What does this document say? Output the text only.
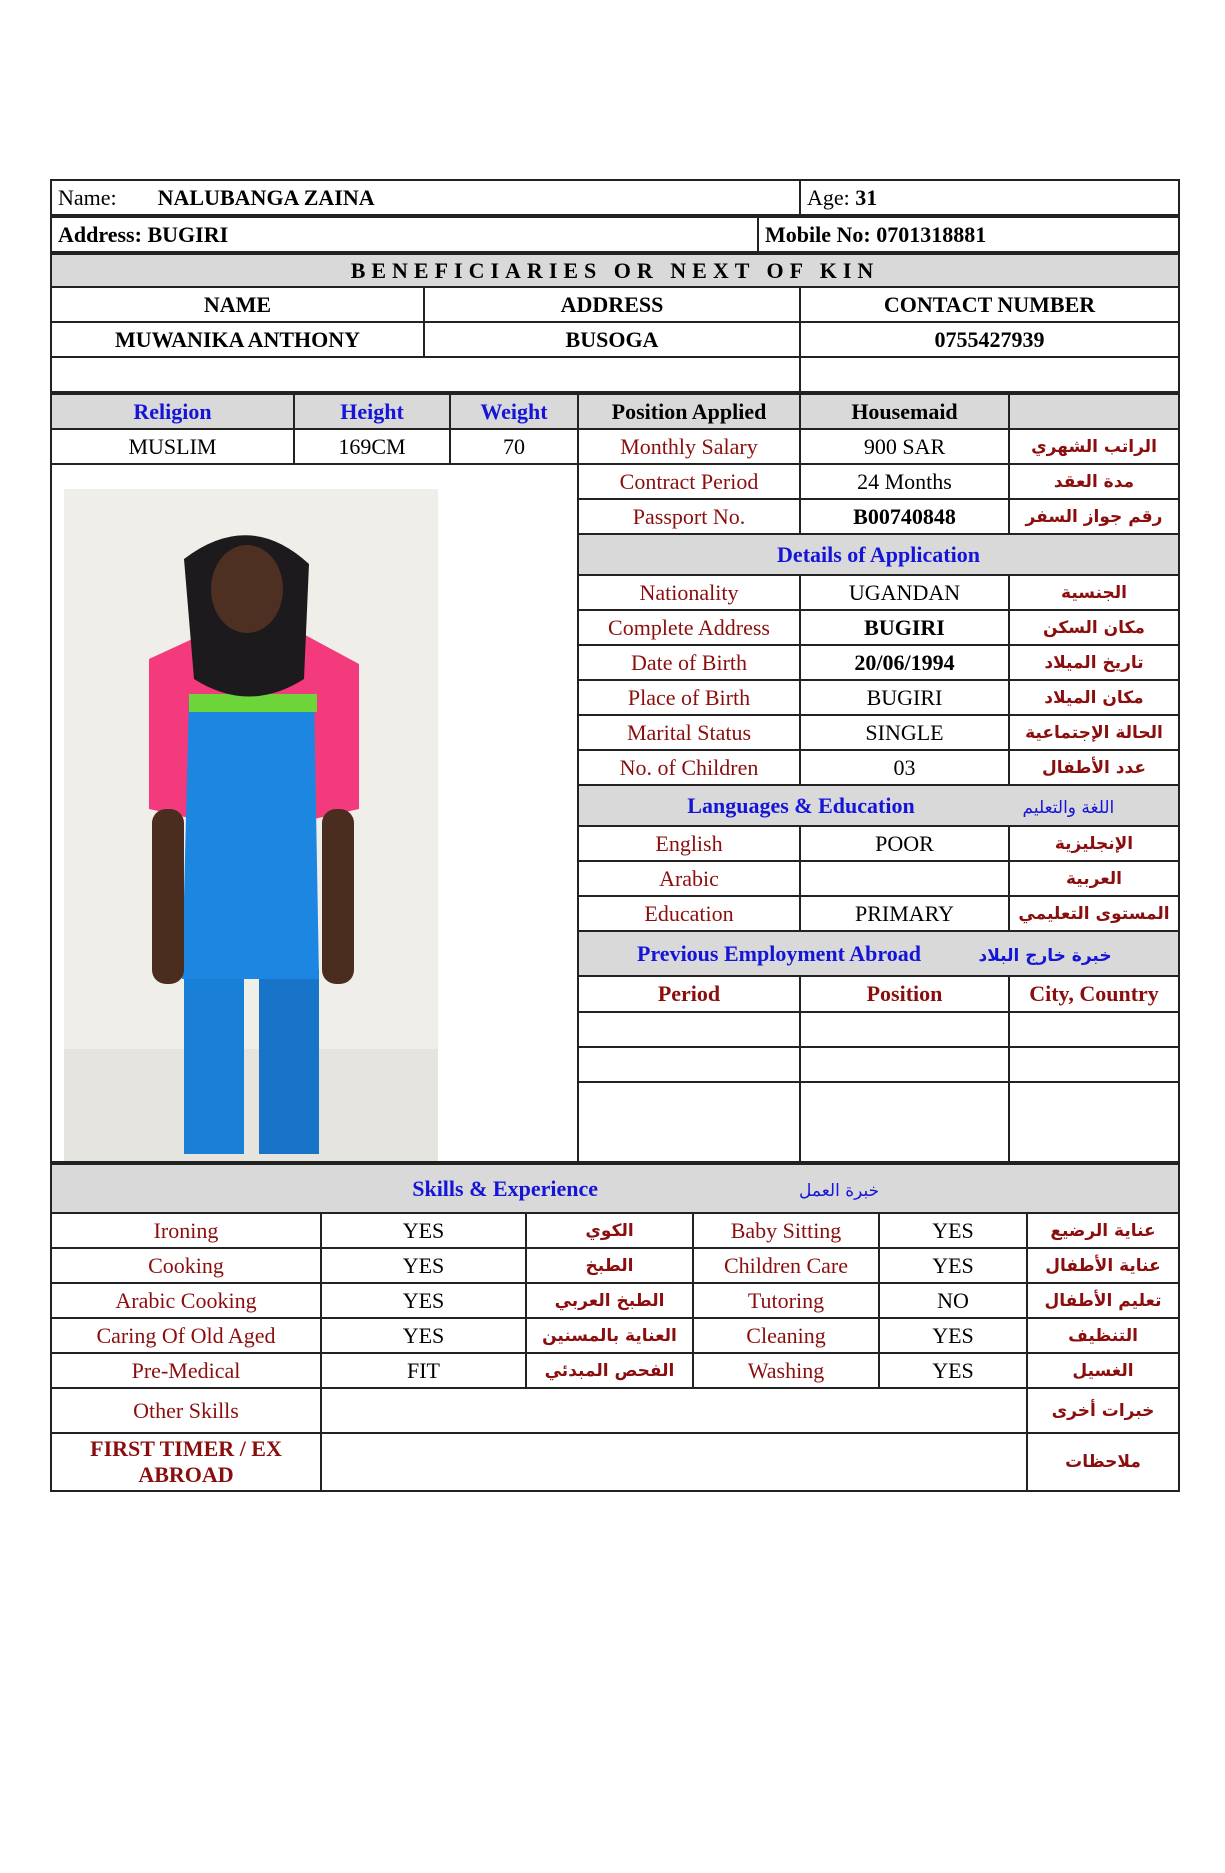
Name: NALUBANGA ZAINA	Age: 31
Address: BUGIRI	Mobile No: 0701318881
BENEFICIARIES OR NEXT OF KIN		
NAME	ADDRESS	CONTACT NUMBER
MUWANIKA ANTHONY	BUSOGA	0755427939

Religion	Height	Weight	Position Applied	Housemaid	
MUSLIM	169CM	70	Monthly Salary	900 SAR	الراتب الشهري

	Contract Period	24 Months	مدة العقد
			Passport No.	B00740848	رقم جواز السفر
			Details of Application		
			Nationality	UGANDAN	الجنسية
			Complete Address	BUGIRI	مكان السكن
			Date of Birth	20/06/1994	تاريخ الميلاد
			Place of Birth	BUGIRI	مكان الميلاد
			Marital Status	SINGLE	الحالة الإجتماعية
			No. of Children	03	عدد الأطفال
			Languages & Education اللغة والتعليم		
			English	POOR	الإنجليزية
			Arabic		العربية
			Education	PRIMARY	المستوى التعليمي
			Previous Employment Abroad خبرة خارج البلاد		
			Period	Position	City, Country

Skills & Experience خبرة العمل					
Ironing	YES	الكوي	Baby Sitting	YES	عناية الرضيع
Cooking	YES	الطبخ	Children Care	YES	عناية الأطفال
Arabic Cooking	YES	الطبخ العربي	Tutoring	NO	تعليم الأطفال
Caring Of Old Aged	YES	العناية بالمسنين	Cleaning	YES	التنظيف
Pre-Medical	FIT	الفحص المبدئي	Washing	YES	الغسيل
Other Skills					خبرات أخرى
FIRST TIMER / EX ABROAD					ملاحظات
